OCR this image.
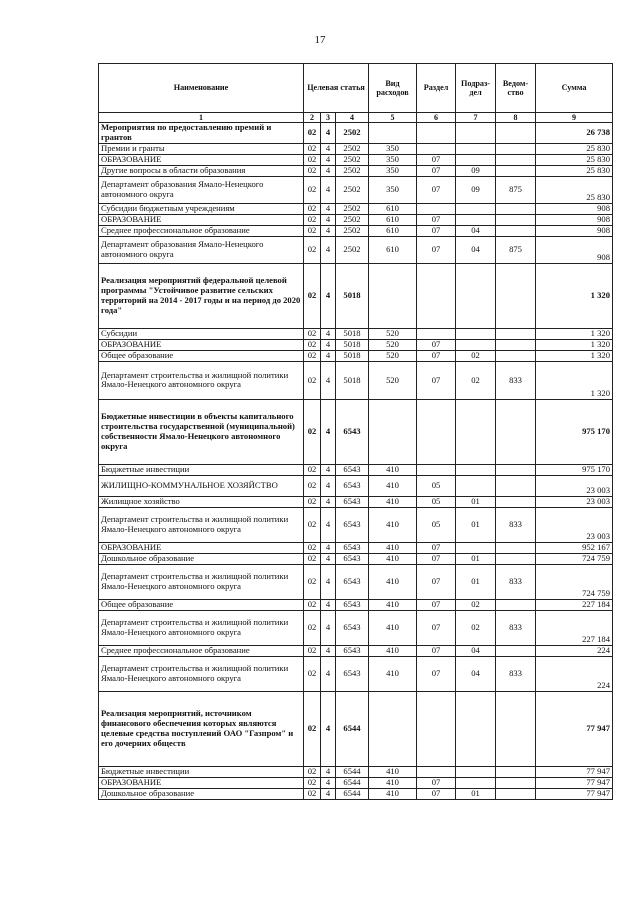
17
Наименование	Целевая статья			Вид расходов	Раздел	Подраз-дел	Ведом-ство	Сумма
1	2	3	4	5	6	7	8	9
Мероприятия по предоставлению премий и грантов	02	4	2502					26 738
Премии и гранты	02	4	2502	350				25 830
ОБРАЗОВАНИЕ	02	4	2502	350	07			25 830
Другие вопросы в области образования	02	4	2502	350	07	09		25 830
Департамент образования Ямало-Ненецкого автономного округа	02	4	2502	350	07	09	875	25 830
Субсидии бюджетным учреждениям	02	4	2502	610				908
ОБРАЗОВАНИЕ	02	4	2502	610	07			908
Среднее профессиональное образование	02	4	2502	610	07	04		908
Департамент образования Ямало-Ненецкого автономного округа	02	4	2502	610	07	04	875	908
Реализация мероприятий федеральной целевой программы "Устойчивое развитие сельских территорий на 2014 - 2017 годы и на период до 2020 года"	02	4	5018					1 320
Субсидии	02	4	5018	520				1 320
ОБРАЗОВАНИЕ	02	4	5018	520	07			1 320
Общее образование	02	4	5018	520	07	02		1 320
Департамент строительства и жилищной политики Ямало-Ненецкого автономного округа	02	4	5018	520	07	02	833	1 320
Бюджетные инвестиции в объекты капитального строительства государственной (муниципальной) собственности Ямало-Ненецкого автономного округа	02	4	6543					975 170
Бюджетные инвестиции	02	4	6543	410				975 170
ЖИЛИЩНО-КОММУНАЛЬНОЕ ХОЗЯЙСТВО	02	4	6543	410	05			23 003
Жилищное хозяйство	02	4	6543	410	05	01		23 003
Департамент строительства и жилищной политики Ямало-Ненецкого автономного округа	02	4	6543	410	05	01	833	23 003
ОБРАЗОВАНИЕ	02	4	6543	410	07			952 167
Дошкольное образование	02	4	6543	410	07	01		724 759
Департамент строительства и жилищной политики Ямало-Ненецкого автономного округа	02	4	6543	410	07	01	833	724 759
Общее образование	02	4	6543	410	07	02		227 184
Департамент строительства и жилищной политики Ямало-Ненецкого автономного округа	02	4	6543	410	07	02	833	227 184
Среднее профессиональное образование	02	4	6543	410	07	04		224
Департамент строительства и жилищной политики Ямало-Ненецкого автономного округа	02	4	6543	410	07	04	833	224
Реализация мероприятий, источником финансового обеспечения которых являются целевые средства поступлений ОАО "Газпром" и его дочерних обществ	02	4	6544					77 947
Бюджетные инвестиции	02	4	6544	410				77 947
ОБРАЗОВАНИЕ	02	4	6544	410	07			77 947
Дошкольное образование	02	4	6544	410	07	01		77 947
